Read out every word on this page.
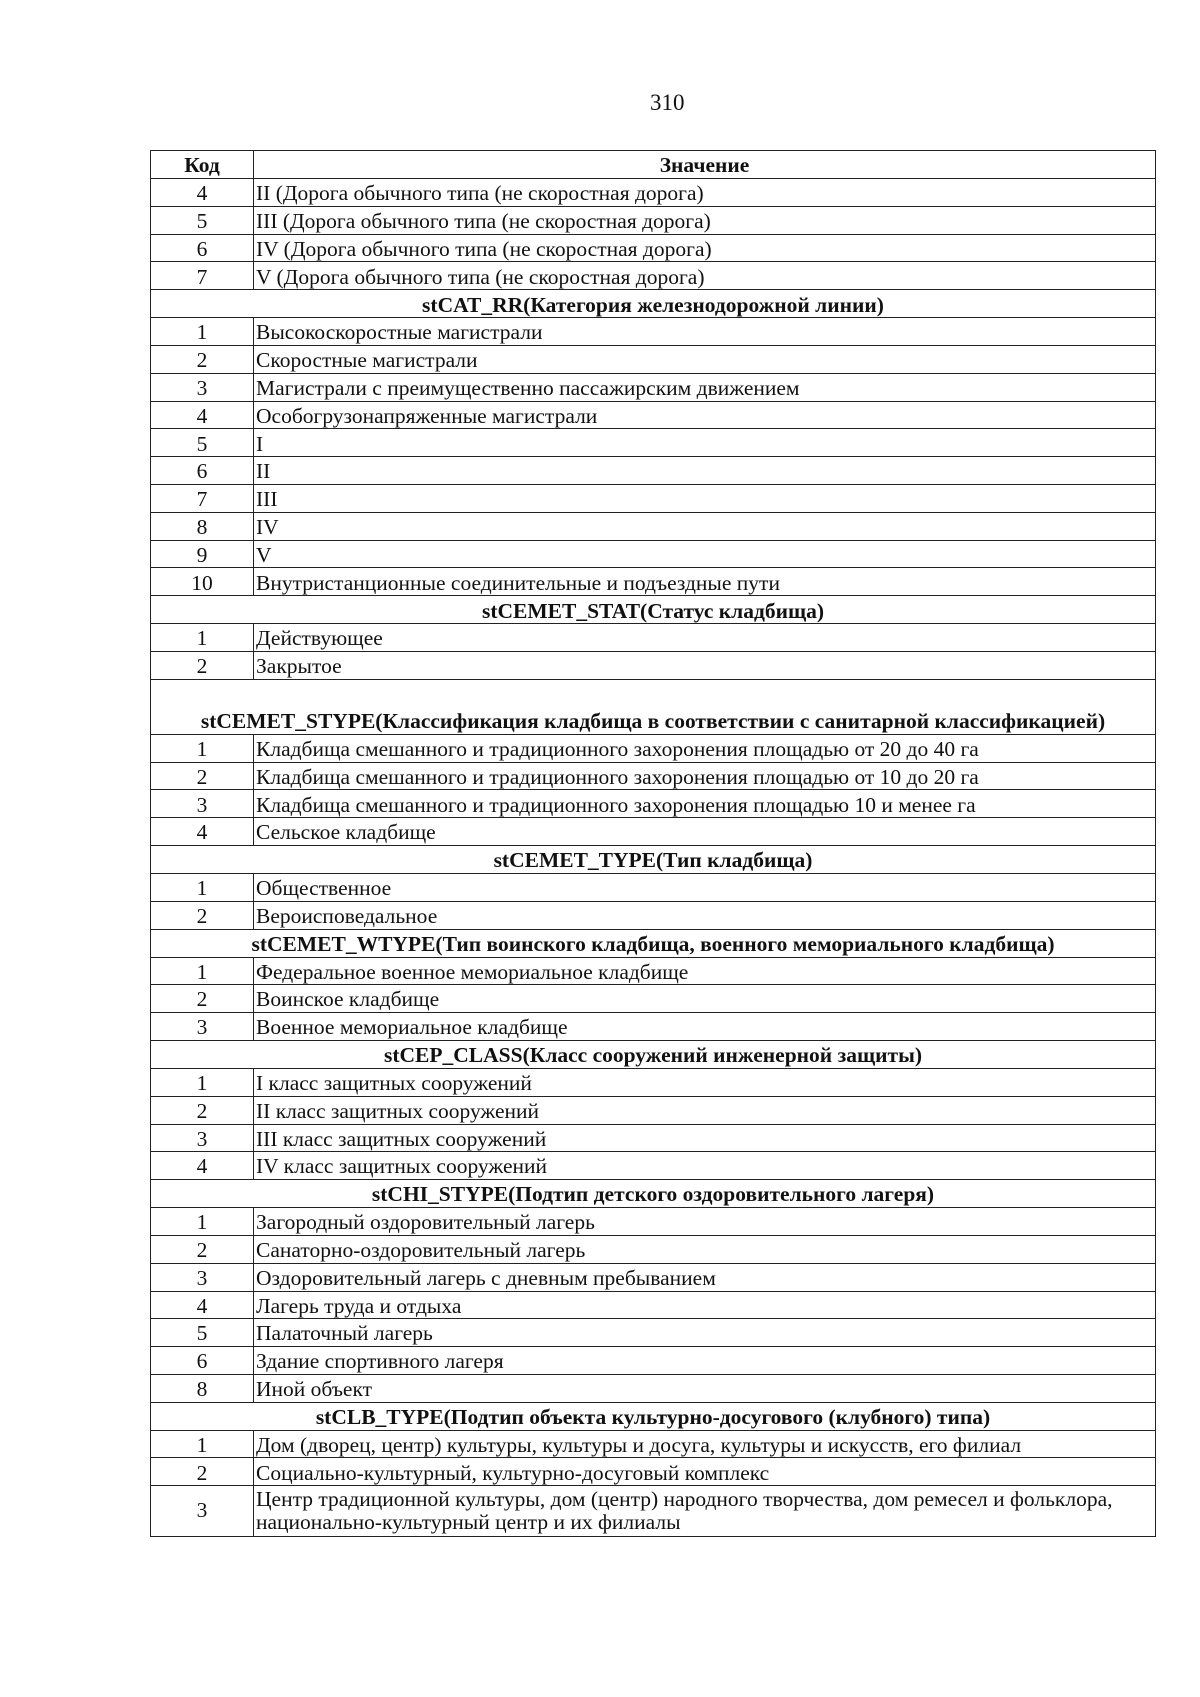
310
Код	Значение
4	II (Дорога обычного типа (не скоростная дорога)
5	III (Дорога обычного типа (не скоростная дорога)
6	IV (Дорога обычного типа (не скоростная дорога)
7	V (Дорога обычного типа (не скоростная дорога)
stCAT_RR(Категория железнодорожной линии)	
1	Высокоскоростные магистрали
2	Скоростные магистрали
3	Магистрали с преимущественно пассажирским движением
4	Особогрузонапряженные магистрали
5	I
6	II
7	III
8	IV
9	V
10	Внутристанционные соединительные и подъездные пути
stCEMET_STAT(Статус кладбища)	
1	Действующее
2	Закрытое
stCEMET_STYPE(Классификация кладбища в соответствии с санитарной классификацией)	
1	Кладбища смешанного и традиционного захоронения площадью от 20 до 40 га
2	Кладбища смешанного и традиционного захоронения площадью от 10 до 20 га
3	Кладбища смешанного и традиционного захоронения площадью 10 и менее га
4	Сельское кладбище
stCEMET_TYPE(Тип кладбища)	
1	Общественное
2	Вероисповедальное
stCEMET_WTYPE(Тип воинского кладбища, военного мемориального кладбища)	
1	Федеральное военное мемориальное кладбище
2	Воинское кладбище
3	Военное мемориальное кладбище
stCEP_CLASS(Класс сооружений инженерной защиты)	
1	I класс защитных сооружений
2	II класс защитных сооружений
3	III класс защитных сооружений
4	IV класс защитных сооружений
stCHI_STYPE(Подтип детского оздоровительного лагеря)	
1	Загородный оздоровительный лагерь
2	Санаторно-оздоровительный лагерь
3	Оздоровительный лагерь с дневным пребыванием
4	Лагерь труда и отдыха
5	Палаточный лагерь
6	Здание спортивного лагеря
8	Иной объект
stCLB_TYPE(Подтип объекта культурно-досугового (клубного) типа)	
1	Дом (дворец, центр) культуры, культуры и досуга, культуры и искусств, его филиал
2	Социально-культурный, культурно-досуговый комплекс
3	Центр традиционной культуры, дом (центр) народного творчества, дом ремесел и фольклора, национально-культурный центр и их филиалы
